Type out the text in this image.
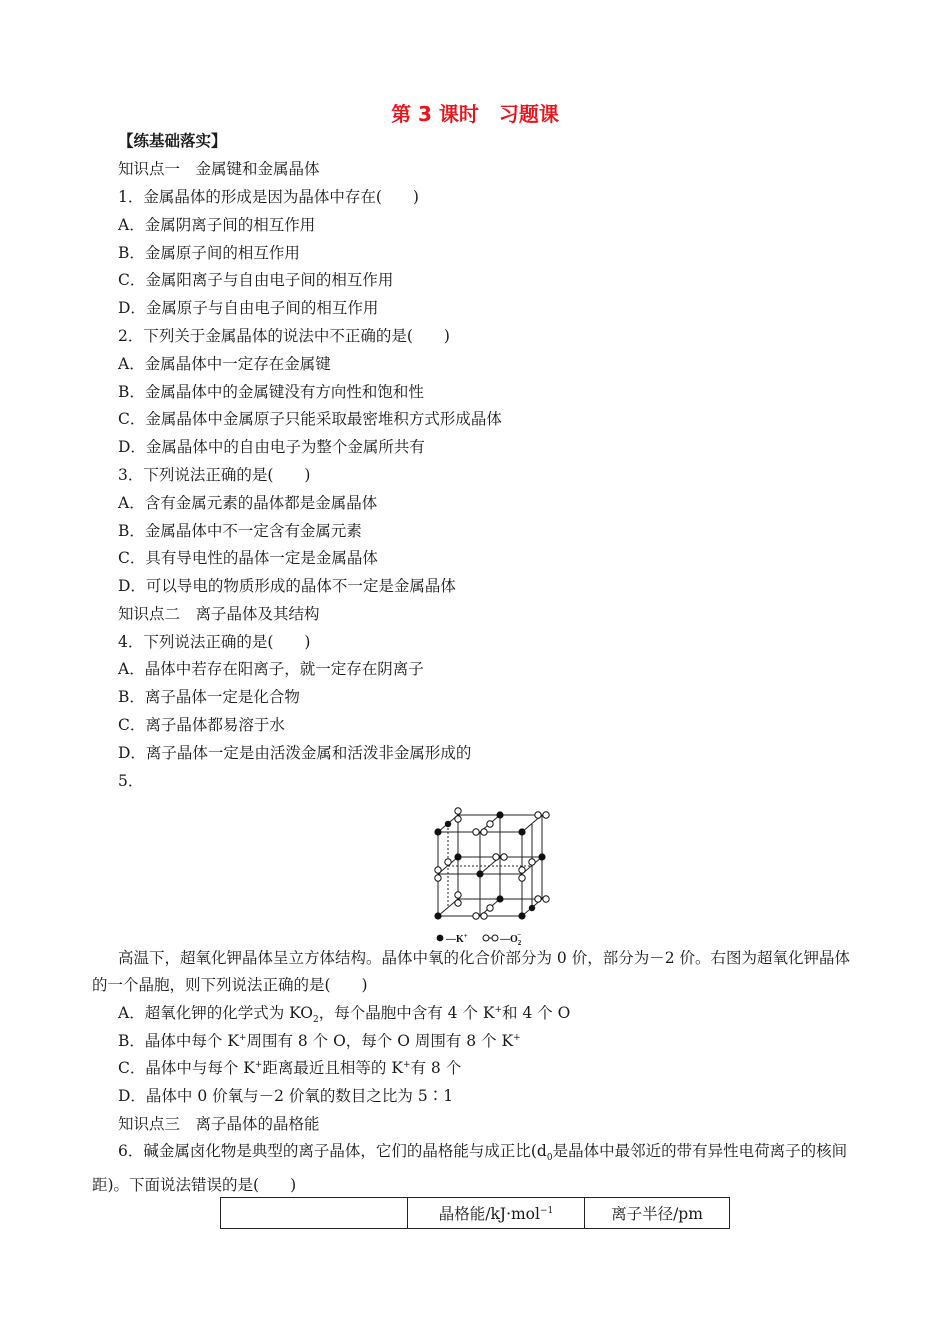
第 3 课时　习题课
【练基础落实】
知识点一　金属键和金属晶体
1．金属晶体的形成是因为晶体中存在(　　)
A．金属阴离子间的相互作用
B．金属原子间的相互作用
C．金属阳离子与自由电子间的相互作用
D．金属原子与自由电子间的相互作用
2．下列关于金属晶体的说法中不正确的是(　　)
A．金属晶体中一定存在金属键
B．金属晶体中的金属键没有方向性和饱和性
C．金属晶体中金属原子只能采取最密堆积方式形成晶体
D．金属晶体中的自由电子为整个金属所共有
3．下列说法正确的是(　　)
A．含有金属元素的晶体都是金属晶体
B．金属晶体中不一定含有金属元素
C．具有导电性的晶体一定是金属晶体
D．可以导电的物质形成的晶体不一定是金属晶体
知识点二　离子晶体及其结构
4．下列说法正确的是(　　)
A．晶体中若存在阳离子，就一定存在阴离子
B．离子晶体一定是化合物
C．离子晶体都易溶于水
D．离子晶体一定是由活泼金属和活泼非金属形成的
5．
—K+	$—O_2-$
高温下，超氧化钾晶体呈立方体结构。晶体中氧的化合价部分为 0 价，部分为－2 价。右图为超氧化钾晶体的一个晶胞，则下列说法正确的是(　　)
A．超氧化钾的化学式为 $KO_2$，每个晶胞中含有 4 个 K+和 4 个 O
B．晶体中每个 K+周围有 8 个 O，每个 O 周围有 8 个 K+
C．晶体中与每个 K+距离最近且相等的 K+有 8 个
D．晶体中 0 价氧与－2 价氧的数目之比为 5∶1
知识点三　离子晶体的晶格能
6．碱金属卤化物是典型的离子晶体，它们的晶格能与成正比($d_0$是晶体中最邻近的带有异性电荷离子的核间距)。下面说法错误的是(　　)
	晶格能/kJ·mol$^{-1}$	离子半径/pm
